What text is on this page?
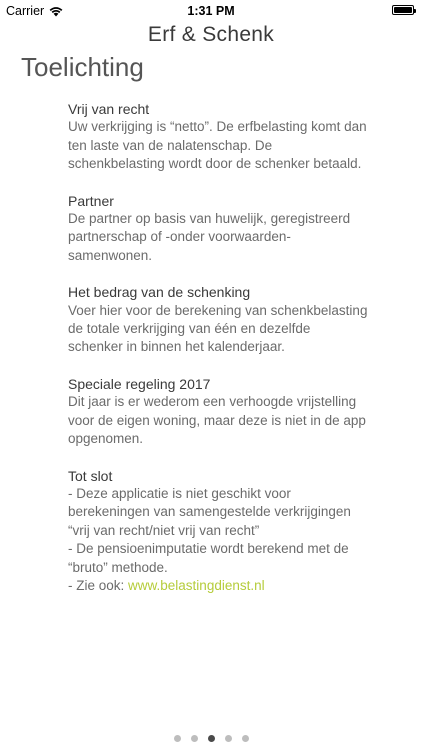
Carrier	1:31 PM
Erf & Schenk
Toelichting
Vrij van recht
Uw verkrijging is “netto”. De erfbelasting komt dan ten laste van de nalatenschap. De schenkbelasting wordt door de schenker betaald.
Partner
De partner op basis van huwelijk, geregistreerd partnerschap of -onder voorwaarden- samenwonen.
Het bedrag van de schenking
Voer hier voor de berekening van schenkbelasting de totale verkrijging van één en dezelfde schenker in binnen het kalenderjaar.
Speciale regeling 2017
Dit jaar is er wederom een verhoogde vrijstelling voor de eigen woning, maar deze is niet in de app opgenomen.
Tot slot
- Deze applicatie is niet geschikt voor berekeningen van samengestelde verkrijgingen “vrij van recht/niet vrij van recht”
- De pensioenimputatie wordt berekend met de “bruto” methode.
- Zie ook: www.belastingdienst.nl
